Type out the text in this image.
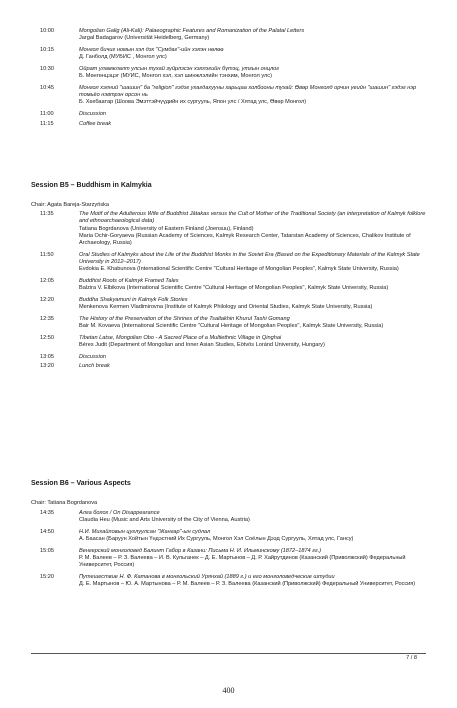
10:00	Mongolian Galig (Ali-Kali): Palaeographic Features and Romanization of the Palatal Letters
Jargal Badagarov (Universität Heidelberg, Germany)
10:15	Монгол бичиг номын хэл дэх "Сумдаг"-ийн хэлэн нөлөө
Д. Ганболд (МУБИС , Монгол улс)
10:30	Ойрат уламжлалт улсын тухай зүйрлэсэн хэллэгийн бүтэц, утгын онцлог
Б. Мөнгөнцэцэг (МУИС, Монгол хэл, хэл шинжлэлийн тэнхим, Монгол улс)
10:45	Монгол хэлний "шашин" ба "religion" гэдэг ухагдахууны харьцаа холбооны тухай: Өвөр Монголд орчин үеийн "шашин" гэдэг нэр томьёо нэвтрэн орсон нь
Б. Хөхбаатар (Шоова Эмэттэйчүүдийн их сургууль, Япон улс / Хятад улс, Өвөр Монгол)
11:00	Discussion
11:15	Coffee break
Session B5 – Buddhism in Kalmykia
Chair: Agata Bareja-Starzyńska
11:35	The Motif of the Adulterous Wife of Buddhist Jātakas versus the Cult of Mother of the Traditional Society (an interpretation of Kalmyk folklore and ethnoarchaeological data)
Tatiana Bogrdanova (University of Eastern Finland (Joensuu), Finland)
Maria Ochir-Goryaeva (Russian Academy of Sciences, Kalmyk Research Center, Tatarstan Academy of Sciences, Chalikov Institute of Archaeology, Russia)
11:50	Oral Studies of Kalmyks about the Life of the Buddhist Monks in the Soviet Era (Based on the Expeditionary Materials of the Kalmyk State University in 2012–2017)
Evdokia E. Khabunova (International Scientific Centre "Cultural Heritage of Mongolian Peoples", Kalmyk State University, Russia)
12:05	Buddhist Roots of Kalmyk Framed Tales
Balzira V. Elbikova (International Scientific Centre "Cultural Heritage of Mongolian Peoples", Kalmyk State University, Russia)
12:20	Buddha Shakyamuni in Kalmyk Folk Stories
Menkenova Kermen Vladimirovna (Institute of Kalmyk Philology and Oriental Studies, Kalmyk State University, Russia)
12:35	The History of the Preservation of the Shrines of the Tsaltakhin Khurul Tashi Gomang
Bair M. Kovaeva (International Scientific Centre "Cultural Heritage of Mongolian Peoples", Kalmyk State University, Russia)
12:50	Tibetan Latse, Mongolian Obo - A Sacred Place of a Multiethnic Village in Qinghai
Béres Judit (Department of Mongolian and Inner Asian Studies, Eötvös Loránd University, Hungary)
13:05	Discussion
13:20	Lunch break
Session B6 – Various Aspects
Chair: Tatiana Bogrdanova
14:35	Алга болох / On Disappearance
Claudia Heu (Music and Arts University of the City of Vienna, Austria)
14:50	Н.И. Михайловын цуглуулсан "Жангар"-ын судлал
А. Баасан (Баруун Хойтын Үндэстний Их Сургууль, Монгол Хэл Соёлын Дээд Сургууль, Хятад улс, Гансу)
15:05	Венгерский монголовед Балинт Габор в Казани: Письма Н. И. Ильминскому (1872–1874 гг.)
Р. М. Валеев – Р. З. Валеева – И. В. Кульганек – Д. Е. Мартынов – Д. Р. Хайрутдинов (Казанский (Приволжский) Федеральный Университет, Россия)
15:20	Путешествие Н. Ф. Катанова в монгольский Урянхай (1889 г.) и его монголоведческие штудии
Д. Е. Мартынов – Ю. А. Мартынова – Р. М. Валеев – Р. З. Валеева (Казанский (Приволжский) Федеральный Университет, Россия)
7 / 8
400
